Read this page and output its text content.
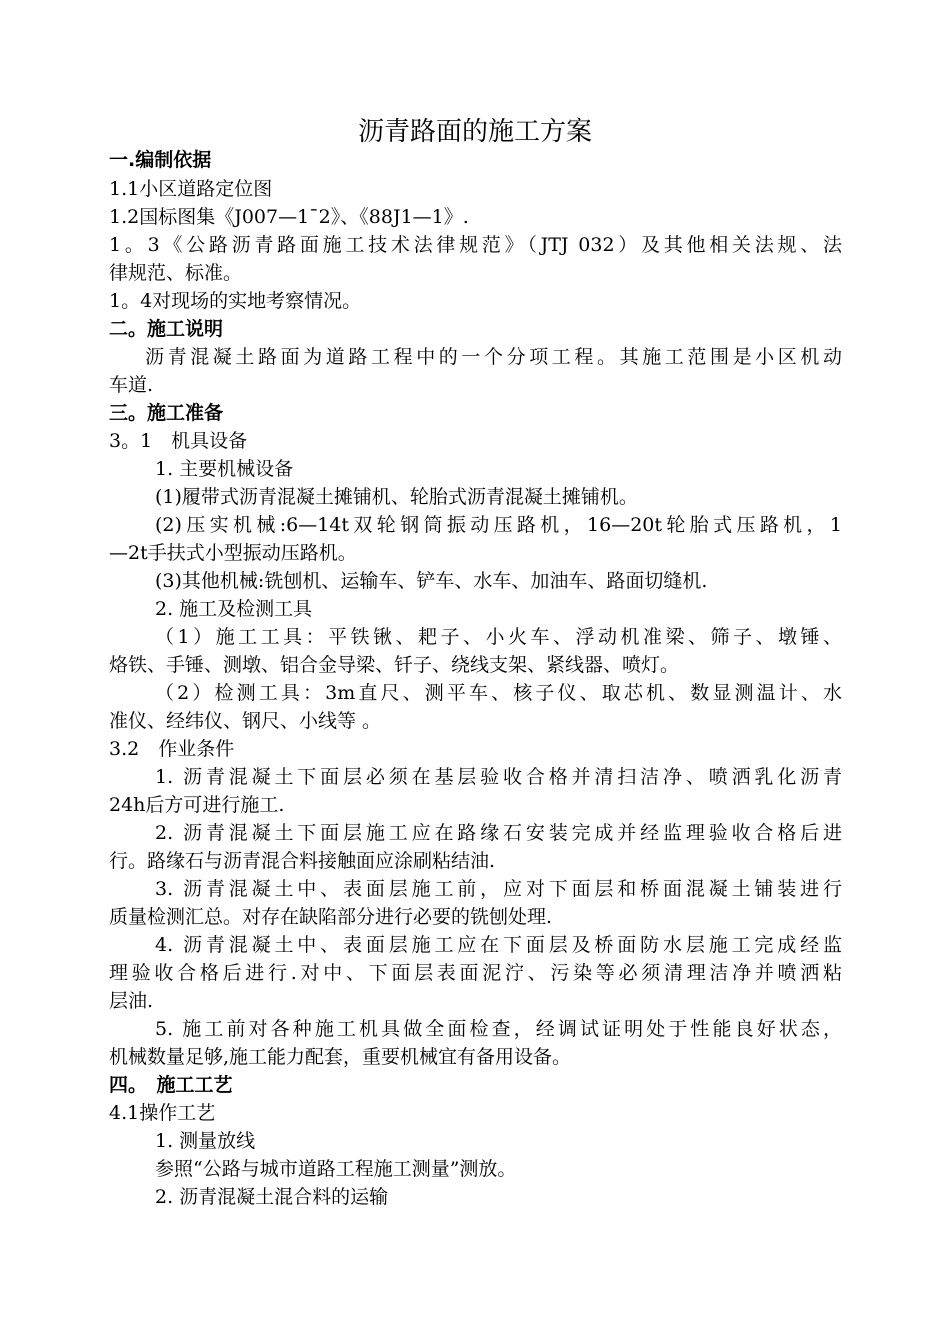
沥青路面的施工方案
一.编制依据
1.1小区道路定位图
1.2国标图集《J007—1¯2》、《88J1—1》.
1。3《公路沥青路面施工技术法律规范》（JTJ 032）及其他相关法规、法
律规范、标准。
1。4对现场的实地考察情况。
二。施工说明
沥青混凝土路面为道路工程中的一个分项工程。其施工范围是小区机动
车道.
三。施工准备
3。1　机具设备
1. 主要机械设备
(1)履带式沥青混凝土摊铺机、轮胎式沥青混凝土摊铺机。
(2)压实机械:6—14t双轮钢筒振动压路机，16—20t轮胎式压路机，1
—2t手扶式小型振动压路机。
(3)其他机械:铣刨机、运输车、铲车、水车、加油车、路面切缝机.
2. 施工及检测工具
（1）施工工具：平铁锹、耙子、小火车、浮动机准梁、筛子、墩锤、
烙铁、手锤、测墩、铝合金导梁、钎子、绕线支架、紧线器、喷灯。
（2）检测工具：3m直尺、测平车、核子仪、取芯机、数显测温计、水
准仪、经纬仪、钢尺、小线等 。
3.2　作业条件
1. 沥青混凝土下面层必须在基层验收合格并清扫洁净、喷洒乳化沥青
24h后方可进行施工.
2. 沥青混凝土下面层施工应在路缘石安装完成并经监理验收合格后进
行。路缘石与沥青混合料接触面应涂刷粘结油.
3. 沥青混凝土中、表面层施工前，应对下面层和桥面混凝土铺装进行
质量检测汇总。对存在缺陷部分进行必要的铣刨处理.
4. 沥青混凝土中、表面层施工应在下面层及桥面防水层施工完成经监
理验收合格后进行.对中、下面层表面泥泞、污染等必须清理洁净并喷洒粘
层油.
5. 施工前对各种施工机具做全面检查，经调试证明处于性能良好状态，
机械数量足够,施工能力配套，重要机械宜有备用设备。
四。　施工工艺
4.1操作工艺
1. 测量放线
参照“公路与城市道路工程施工测量”测放。
2. 沥青混凝土混合料的运输
